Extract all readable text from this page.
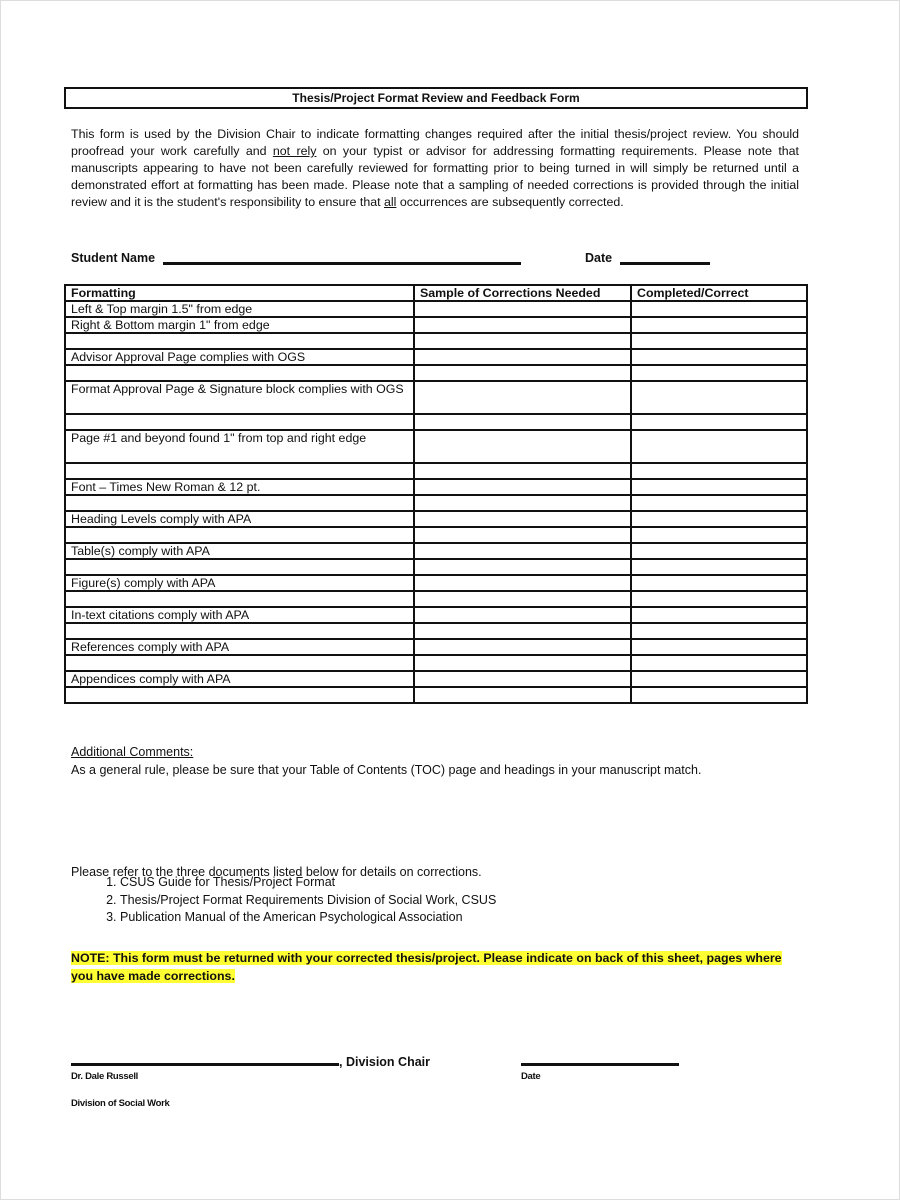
Thesis/Project Format Review and Feedback Form
This form is used by the Division Chair to indicate formatting changes required after the initial thesis/project review. You should proofread your work carefully and not rely on your typist or advisor for addressing formatting requirements. Please note that manuscripts appearing to have not been carefully reviewed for formatting prior to being turned in will simply be returned until a demonstrated effort at formatting has been made. Please note that a sampling of needed corrections is provided through the initial review and it is the student's responsibility to ensure that all occurrences are subsequently corrected.
Student Name	Date
Formatting	Sample of Corrections Needed	Completed/Correct
Left & Top margin 1.5" from edge		
Right & Bottom margin 1" from edge		

Advisor Approval Page complies with OGS		

Format Approval Page & Signature block complies with OGS		

Page #1 and beyond found 1" from top and right edge		

Font – Times New Roman & 12 pt.		

Heading Levels comply with APA		

Table(s) comply with APA		

Figure(s) comply with APA		

In-text citations comply with APA		

References comply with APA		

Appendices comply with APA		

Additional Comments:
As a general rule, please be sure that your Table of Contents (TOC) page and headings in your manuscript match.
Please refer to the three documents listed below for details on corrections.
1. CSUS Guide for Thesis/Project Format
2. Thesis/Project Format Requirements Division of Social Work, CSUS
3. Publication Manual of the American Psychological Association
NOTE: This form must be returned with your corrected thesis/project. Please indicate on back of this sheet, pages where you have made corrections.
, Division Chair
Dr. Dale Russell	Date
Division of Social Work
